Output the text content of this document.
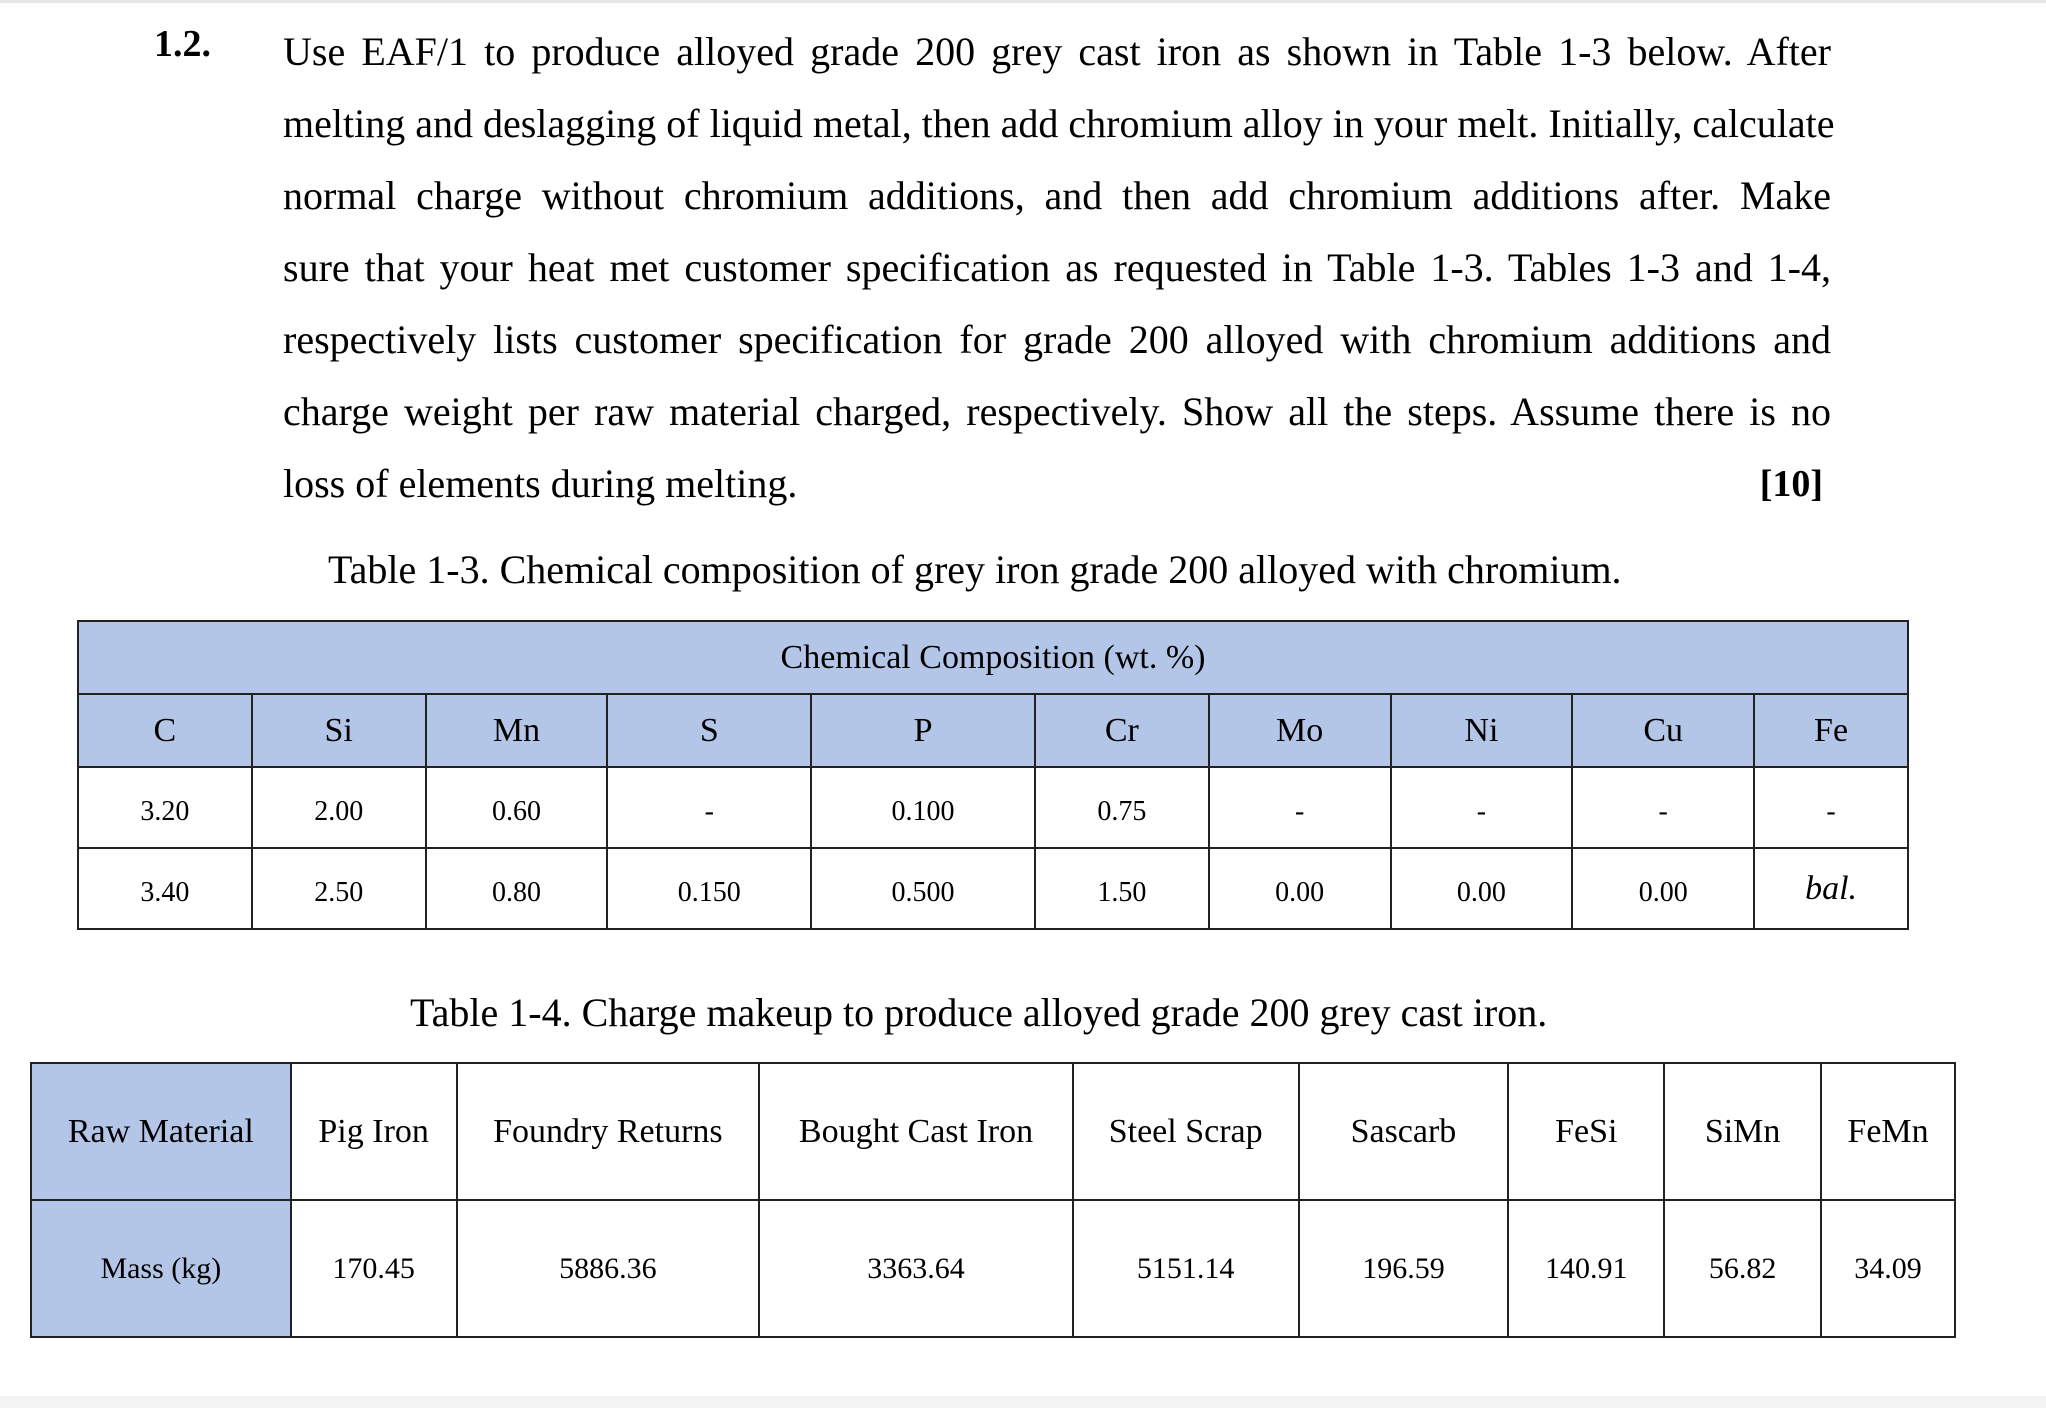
1.2. Use EAF/1 to produce alloyed grade 200 grey cast iron as shown in Table 1-3 below. After
melting and deslagging of liquid metal, then add chromium alloy in your melt. Initially, calculate
normal charge without chromium additions, and then add chromium additions after. Make
sure that your heat met customer specification as requested in Table 1-3. Tables 1-3 and 1-4,
respectively lists customer specification for grade 200 alloyed with chromium additions and
charge weight per raw material charged, respectively. Show all the steps. Assume there is no
loss of elements during melting.	[10]
Table 1-3. Chemical composition of grey iron grade 200 alloyed with chromium.
Chemical Composition (wt. %)									
C	Si	Mn	S	P	Cr	Mo	Ni	Cu	Fe
3.20	2.00	0.60	-	0.100	0.75	-	-	-	-
3.40	2.50	0.80	0.150	0.500	1.50	0.00	0.00	0.00	bal.
Table 1-4. Charge makeup to produce alloyed grade 200 grey cast iron.
Raw Material	Pig Iron	Foundry Returns	Bought Cast Iron	Steel Scrap	Sascarb	FeSi	SiMn	FeMn
Mass (kg)	170.45	5886.36	3363.64	5151.14	196.59	140.91	56.82	34.09
